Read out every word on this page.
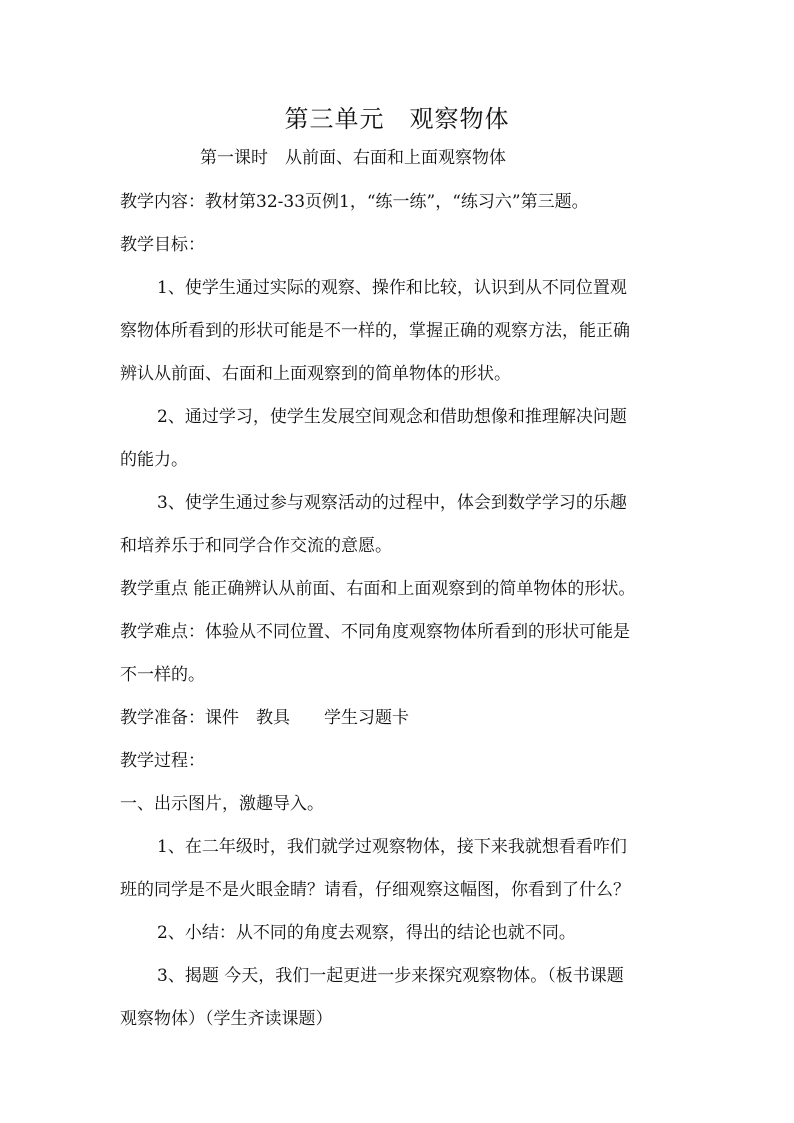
第三单元　观察物体
第一课时　从前面、右面和上面观察物体
教学内容：教材第32-33页例1，“练一练”，“练习六”第三题。
教学目标：
1、使学生通过实际的观察、操作和比较，认识到从不同位置观
察物体所看到的形状可能是不一样的，掌握正确的观察方法，能正确
辨认从前面、右面和上面观察到的简单物体的形状。
2、通过学习，使学生发展空间观念和借助想像和推理解决问题
的能力。
3、使学生通过参与观察活动的过程中，体会到数学学习的乐趣
和培养乐于和同学合作交流的意愿。
教学重点 能正确辨认从前面、右面和上面观察到的简单物体的形状。
教学难点：体验从不同位置、不同角度观察物体所看到的形状可能是
不一样的。
教学准备：课件　教具　　学生习题卡
教学过程：
一、出示图片，激趣导入。
1、在二年级时，我们就学过观察物体，接下来我就想看看咋们
班的同学是不是火眼金睛？请看，仔细观察这幅图，你看到了什么？
2、小结：从不同的角度去观察，得出的结论也就不同。
3、揭题 今天，我们一起更进一步来探究观察物体。（板书课题
观察物体）（学生齐读课题）
